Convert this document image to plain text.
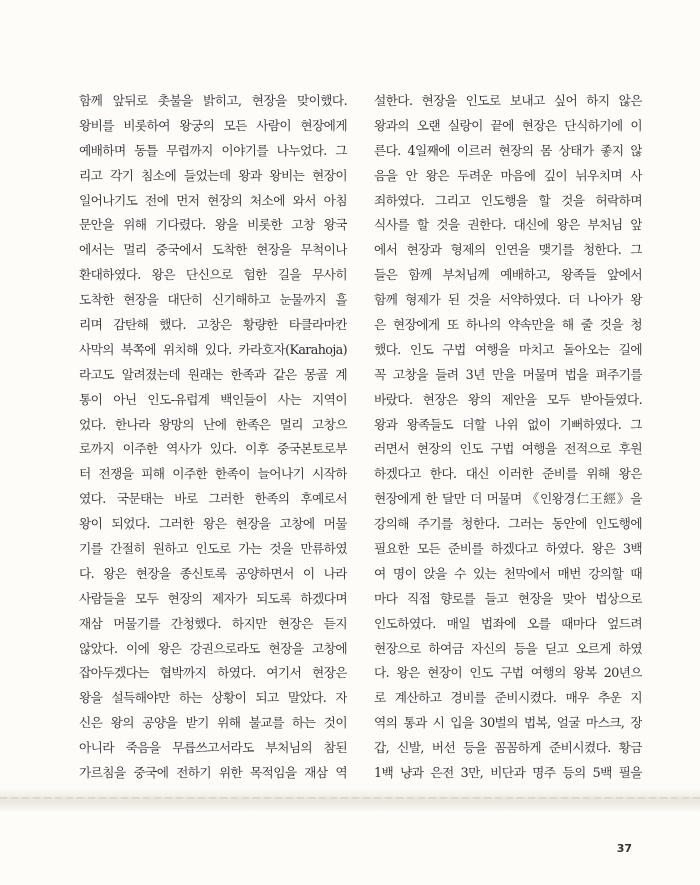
함께 앞뒤로 촛불을 밝히고, 현장을 맞이했다.
왕비를 비롯하여 왕궁의 모든 사람이 현장에게
예배하며 동틀 무렵까지 이야기를 나누었다. 그
리고 각기 침소에 들었는데 왕과 왕비는 현장이
일어나기도 전에 먼저 현장의 처소에 와서 아침
문안을 위해 기다렸다. 왕을 비롯한 고창 왕국
에서는 멀리 중국에서 도착한 현장을 무척이나
환대하였다. 왕은 단신으로 험한 길을 무사히
도착한 현장을 대단히 신기해하고 눈물까지 흘
리며 감탄해 했다. 고창은 황량한 타클라마칸
사막의 북쪽에 위치해 있다. 카라호자(Karahoja)
라고도 알려졌는데 원래는 한족과 같은 몽골 계
통이 아닌 인도-유럽계 백인들이 사는 지역이
었다. 한나라 왕망의 난에 한족은 멀리 고창으
로까지 이주한 역사가 있다. 이후 중국본토로부
터 전쟁을 피해 이주한 한족이 늘어나기 시작하
였다. 국문태는 바로 그러한 한족의 후예로서
왕이 되었다. 그러한 왕은 현장을 고창에 머물
기를 간절히 원하고 인도로 가는 것을 만류하였
다. 왕은 현장을 종신토록 공양하면서 이 나라
사람들을 모두 현장의 제자가 되도록 하겠다며
재삼 머물기를 간청했다. 하지만 현장은 듣지
않았다. 이에 왕은 강권으로라도 현장을 고창에
잡아두겠다는 협박까지 하였다. 여기서 현장은
왕을 설득해야만 하는 상황이 되고 말았다. 자
신은 왕의 공양을 받기 위해 불교를 하는 것이
아니라 죽음을 무릅쓰고서라도 부처님의 참된
가르침을 중국에 전하기 위한 목적임을 재삼 역
설한다. 현장을 인도로 보내고 싶어 하지 않은
왕과의 오랜 실랑이 끝에 현장은 단식하기에 이
른다. 4일째에 이르러 현장의 몸 상태가 좋지 않
음을 안 왕은 두려운 마음에 깊이 뉘우치며 사
죄하였다. 그리고 인도행을 할 것을 허락하며
식사를 할 것을 권한다. 대신에 왕은 부처님 앞
에서 현장과 형제의 인연을 맺기를 청한다. 그
들은 함께 부처님께 예배하고, 왕족들 앞에서
함께 형제가 된 것을 서약하였다. 더 나아가 왕
은 현장에게 또 하나의 약속만을 해 줄 것을 청
했다. 인도 구법 여행을 마치고 돌아오는 길에
꼭 고창을 들려 3년 만을 머물며 법을 펴주기를
바랐다. 현장은 왕의 제안을 모두 받아들였다.
왕과 왕족들도 더할 나위 없이 기뻐하였다. 그
러면서 현장의 인도 구법 여행을 전적으로 후원
하겠다고 한다. 대신 이러한 준비를 위해 왕은
현장에게 한 달만 더 머물며 《인왕경仁王經》을
강의해 주기를 청한다. 그러는 동안에 인도행에
필요한 모든 준비를 하겠다고 하였다. 왕은 3백
여 명이 앉을 수 있는 천막에서 매번 강의할 때
마다 직접 향로를 들고 현장을 맞아 법상으로
인도하였다. 매일 법좌에 오를 때마다 엎드려
현장으로 하여금 자신의 등을 딛고 오르게 하였
다. 왕은 현장이 인도 구법 여행의 왕복 20년으
로 계산하고 경비를 준비시켰다. 매우 추운 지
역의 통과 시 입을 30벌의 법복, 얼굴 마스크, 장
갑, 신발, 버선 등을 꼼꼼하게 준비시켰다. 황금
1백 냥과 은전 3만, 비단과 명주 등의 5백 필을
37
